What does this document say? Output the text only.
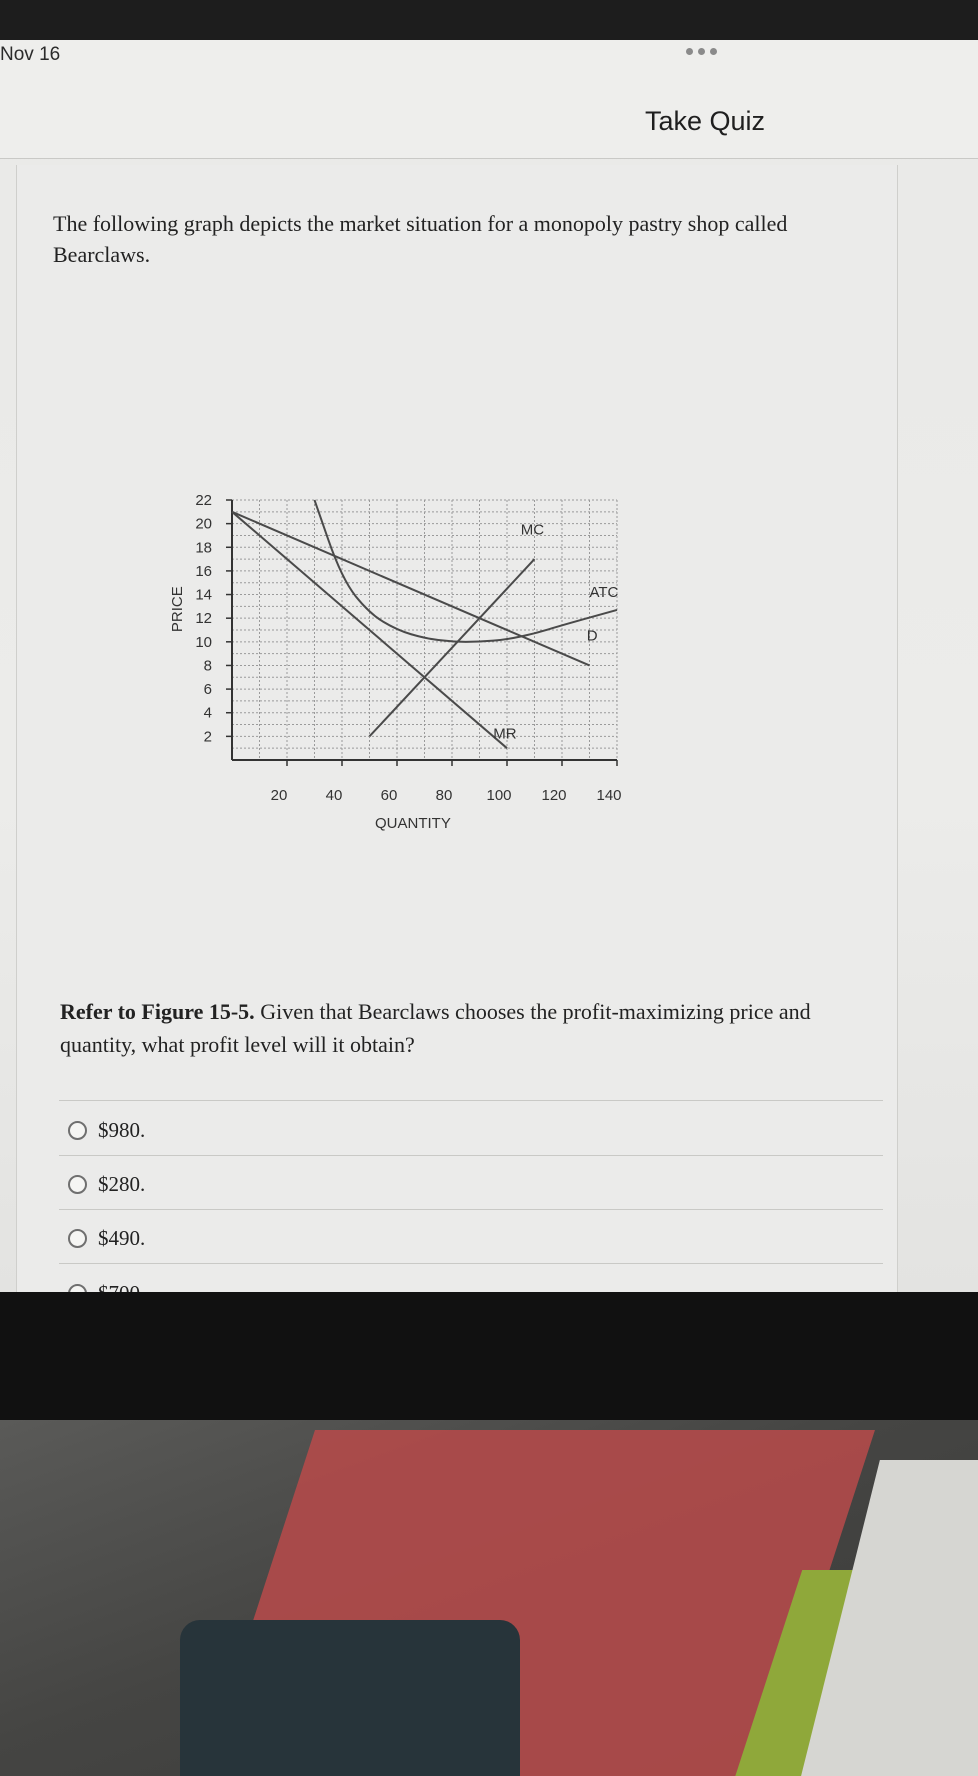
Nov 16
Take Quiz
The following graph depicts the market situation for a monopoly pastry shop called Bearclaws.
20	40	60	80 100 120 140
2
4
6
8
10
12
14
16
18
20
22
QUANTITY
PRICE
D
MR
MC
ATC
Refer to Figure 15-5. Given that Bearclaws chooses the profit-maximizing price and quantity, what profit level will it obtain?
$980.
$280.
$490.
